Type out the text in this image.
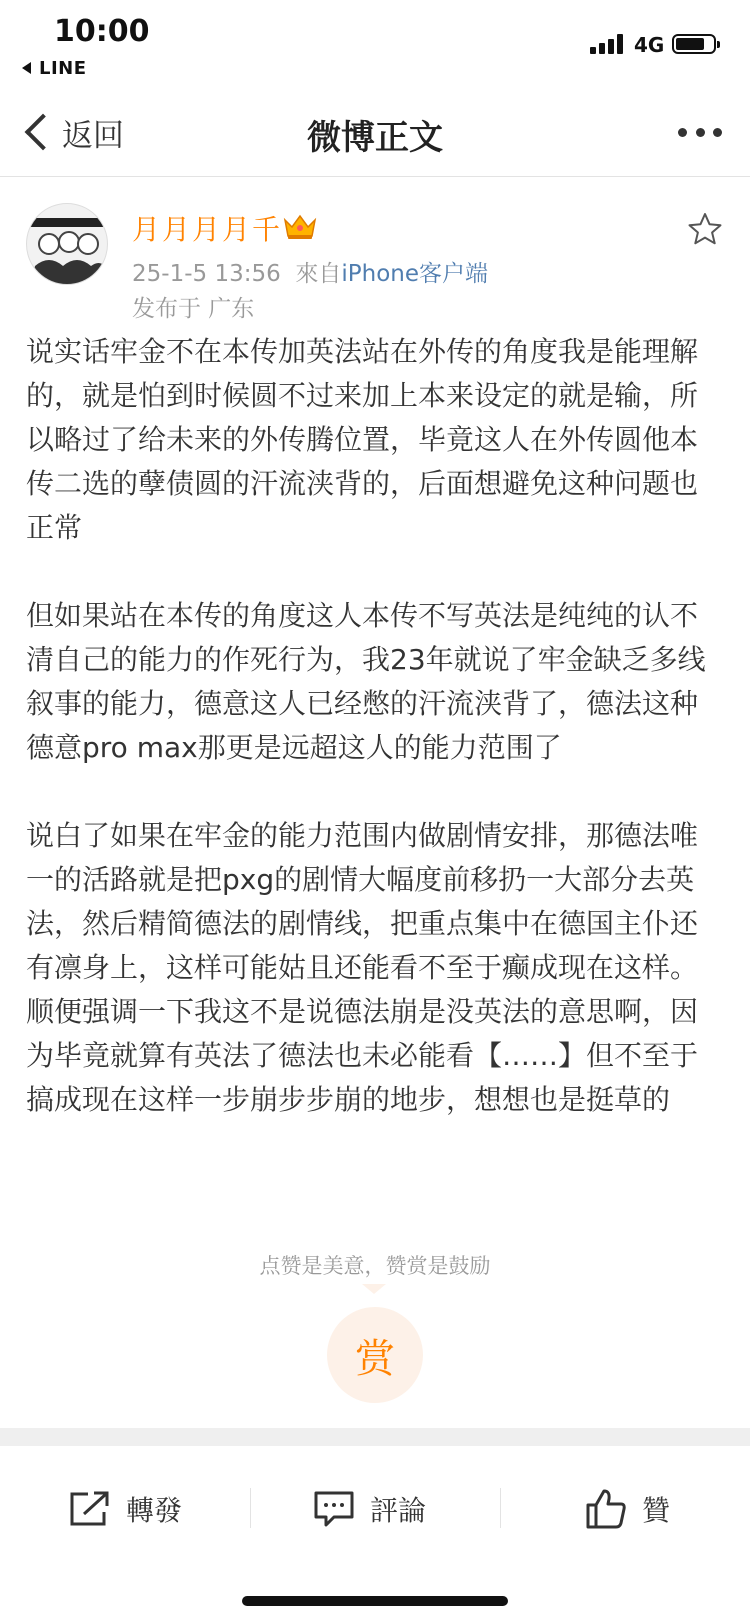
10:00
LINE
4G
返回	微博正文
月月月月千
25-1-5 13:56 來自iPhone客户端
发布于 广东

说实话牢金不在本传加英法站在外传的角度我是能理解的，就是怕到时候圆不过来加上本来设定的就是输，所以略过了给未来的外传腾位置，毕竟这人在外传圆他本传二选的孽债圆的汗流浃背的，后面想避免这种问题也正常

但如果站在本传的角度这人本传不写英法是纯纯的认不清自己的能力的作死行为，我23年就说了牢金缺乏多线叙事的能力，德意这人已经憋的汗流浃背了，德法这种德意pro max那更是远超这人的能力范围了

说白了如果在牢金的能力范围内做剧情安排，那德法唯一的活路就是把pxg的剧情大幅度前移扔一大部分去英法，然后精简德法的剧情线，把重点集中在德国主仆还有凛身上，这样可能姑且还能看不至于癫成现在这样。顺便强调一下我这不是说德法崩是没英法的意思啊，因为毕竟就算有英法了德法也未必能看【……】但不至于搞成现在这样一步崩步步崩的地步，想想也是挺草的

点赞是美意，赞赏是鼓励
赏
轉發	評論	贊
